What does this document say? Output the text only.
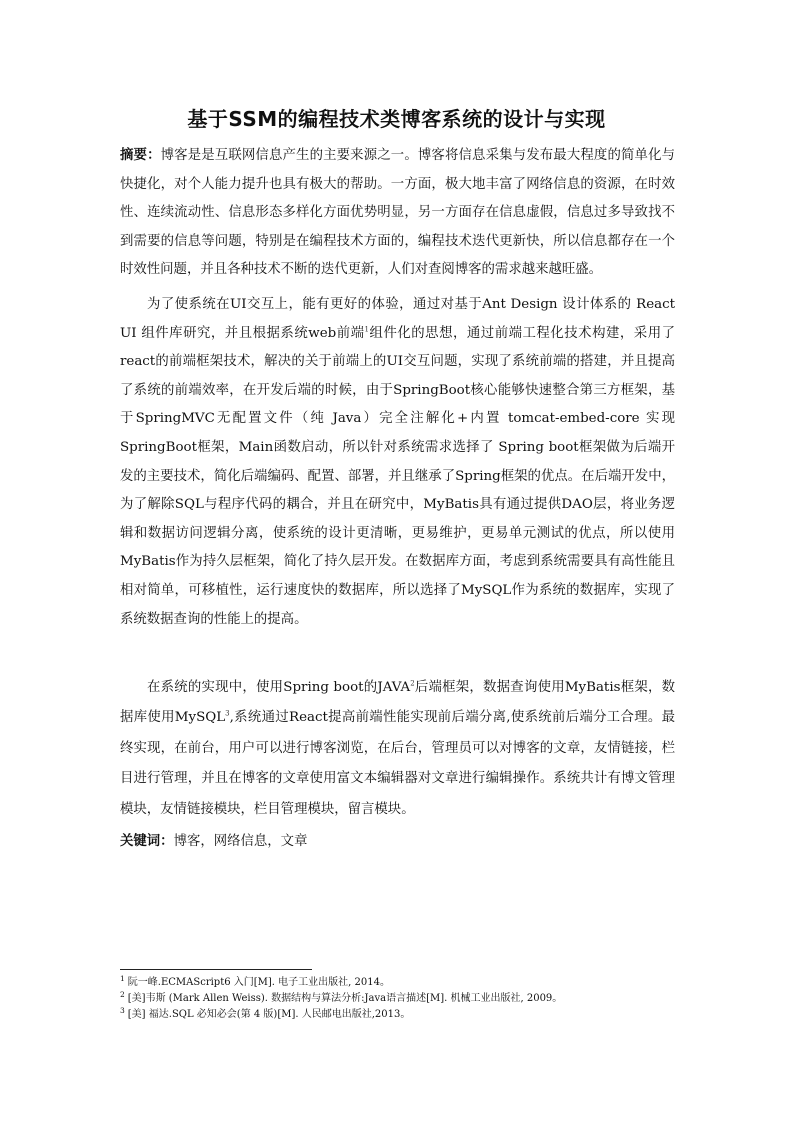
基于SSM的编程技术类博客系统的设计与实现

摘要：博客是是互联网信息产生的主要来源之一。博客将信息采集与发布最大程度的简单化与快捷化，对个人能力提升也具有极大的帮助。一方面，极大地丰富了网络信息的资源，在时效性、连续流动性、信息形态多样化方面优势明显，另一方面存在信息虚假，信息过多导致找不到需要的信息等问题，特别是在编程技术方面的，编程技术迭代更新快，所以信息都存在一个时效性问题，并且各种技术不断的迭代更新，人们对查阅博客的需求越来越旺盛。

为了使系统在UI交互上，能有更好的体验，通过对基于Ant Design 设计体系的 React UI 组件库研究，并且根据系统web前端$^1$组件化的思想，通过前端工程化技术构建，采用了react的前端框架技术，解决的关于前端上的UI交互问题，实现了系统前端的搭建，并且提高了系统的前端效率，在开发后端的时候，由于SpringBoot核心能够快速整合第三方框架，基于SpringMVC无配置文件（纯 Java）完全注解化+内置 tomcat-embed-core 实现SpringBoot框架，Main函数启动，所以针对系统需求选择了 Spring boot框架做为后端开发的主要技术，简化后端编码、配置、部署，并且继承了Spring框架的优点。在后端开发中，为了解除SQL与程序代码的耦合，并且在研究中，MyBatis具有通过提供DAO层，将业务逻辑和数据访问逻辑分离，使系统的设计更清晰，更易维护，更易单元测试的优点，所以使用MyBatis作为持久层框架，简化了持久层开发。在数据库方面，考虑到系统需要具有高性能且相对简单，可移植性，运行速度快的数据库，所以选择了MySQL作为系统的数据库，实现了系统数据查询的性能上的提高。

在系统的实现中，使用Spring boot的JAVA$^2$后端框架，数据查询使用MyBatis框架，数据库使用MySQL$^3$,系统通过React提高前端性能实现前后端分离,使系统前后端分工合理。最终实现，在前台，用户可以进行博客浏览，在后台，管理员可以对博客的文章，友情链接，栏目进行管理，并且在博客的文章使用富文本编辑器对文章进行编辑操作。系统共计有博文管理模块，友情链接模块，栏目管理模块，留言模块。

关键词：博客，网络信息，文章

$^1$ 阮一峰.ECMAScript6 入门[M]. 电子工业出版社, 2014。
$^2$ [美]韦斯 (Mark Allen Weiss). 数据结构与算法分析:Java语言描述[M]. 机械工业出版社, 2009。
$^3$ [美] 福达.SQL 必知必会(第 4 版)[M]. 人民邮电出版社,2013。
